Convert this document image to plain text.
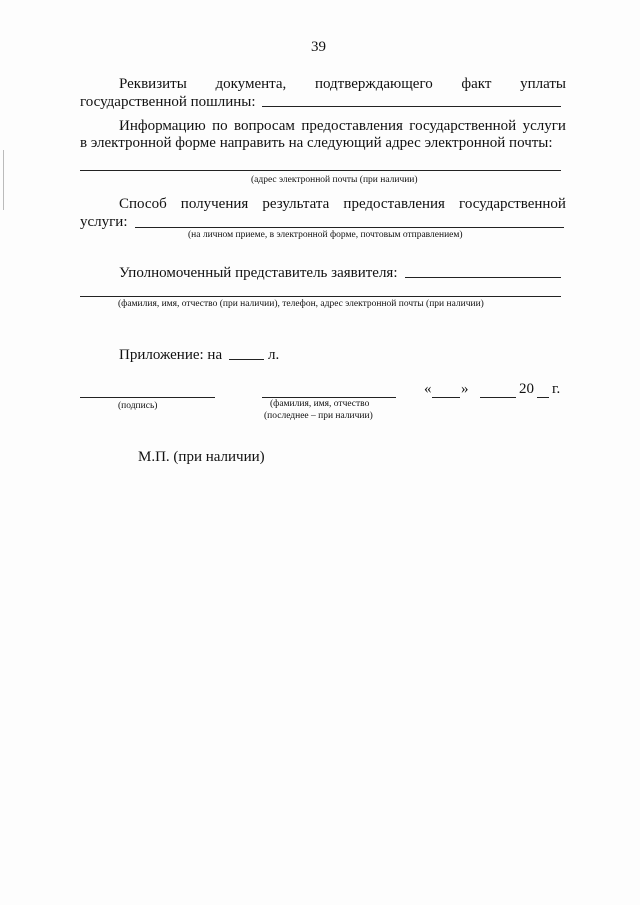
39
Реквизиты документа, подтверждающего факт уплаты
государственной пошлины:
Информацию по вопросам предоставления государственной услуги
в электронной форме направить на следующий адрес электронной почты:
(адрес электронной почты (при наличии)
Способ получения результата предоставления государственной
услуги:
(на личном приеме, в электронной форме, почтовым отправлением)
Уполномоченный представитель заявителя:
(фамилия, имя, отчество (при наличии), телефон, адрес электронной почты (при наличии)
Приложение: на	л.
(подпись)	(фамилия, имя, отчество
(последнее – при наличии)
« »	20 г.
М.П. (при наличии)
